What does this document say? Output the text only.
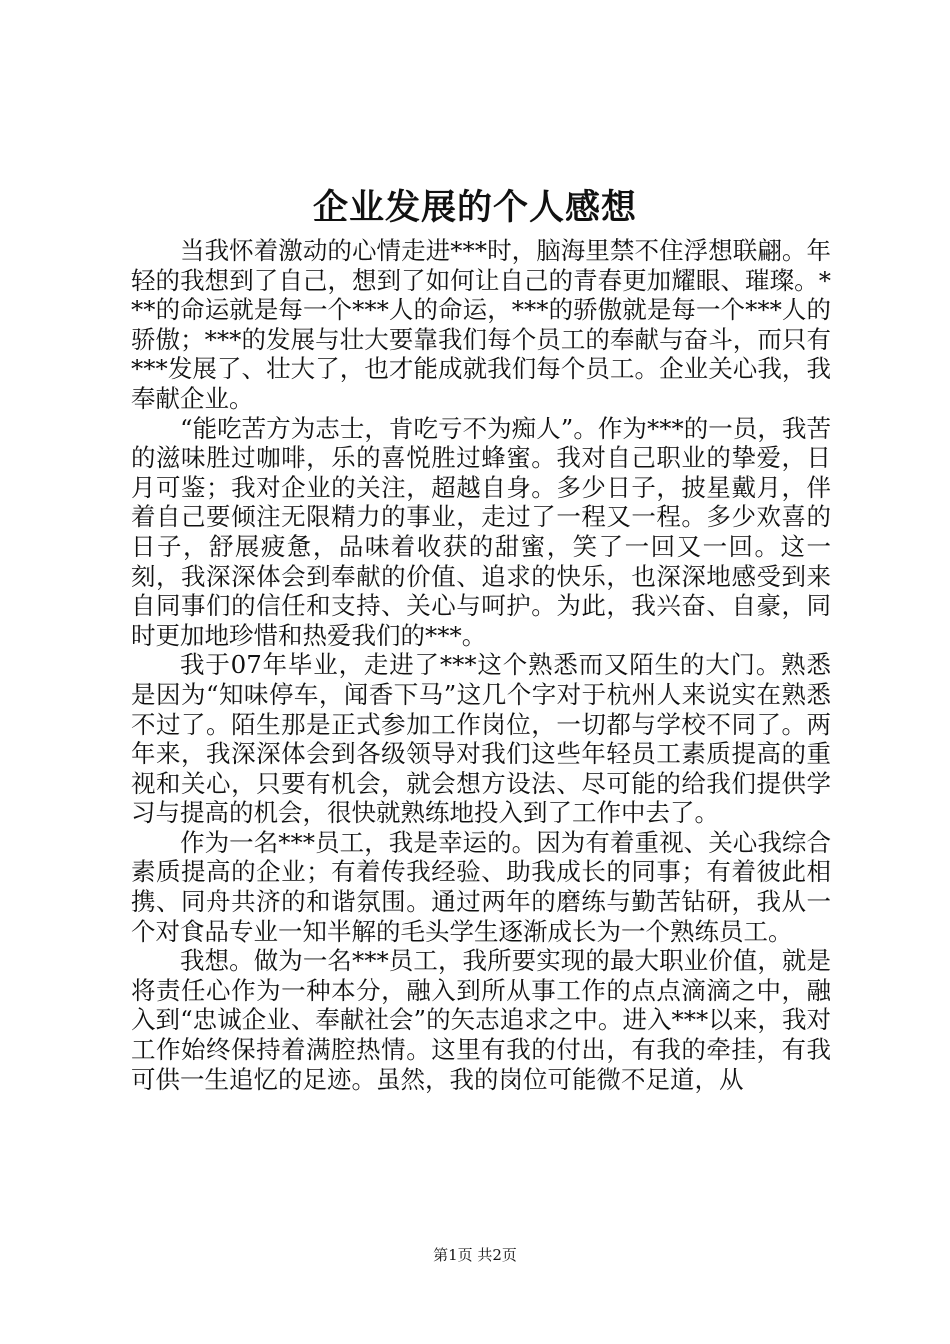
企业发展的个人感想

当我怀着激动的心情走进***时，脑海里禁不住浮想联翩。年轻的我想到了自己，想到了如何让自己的青春更加耀眼、璀璨。***的命运就是每一个***人的命运，***的骄傲就是每一个***人的骄傲；***的发展与壮大要靠我们每个员工的奉献与奋斗，而只有***发展了、壮大了，也才能成就我们每个员工。企业关心我，我奉献企业。

“能吃苦方为志士，肯吃亏不为痴人”。作为***的一员，我苦的滋味胜过咖啡，乐的喜悦胜过蜂蜜。我对自己职业的挚爱，日月可鉴；我对企业的关注，超越自身。多少日子，披星戴月，伴着自己要倾注无限精力的事业，走过了一程又一程。多少欢喜的日子，舒展疲惫，品味着收获的甜蜜，笑了一回又一回。这一刻，我深深体会到奉献的价值、追求的快乐，也深深地感受到来自同事们的信任和支持、关心与呵护。为此，我兴奋、自豪，同时更加地珍惜和热爱我们的***。

我于07年毕业，走进了***这个熟悉而又陌生的大门。熟悉是因为“知味停车，闻香下马”这几个字对于杭州人来说实在熟悉不过了。陌生那是正式参加工作岗位，一切都与学校不同了。两年来，我深深体会到各级领导对我们这些年轻员工素质提高的重视和关心，只要有机会，就会想方设法、尽可能的给我们提供学习与提高的机会，很快就熟练地投入到了工作中去了。

作为一名***员工，我是幸运的。因为有着重视、关心我综合素质提高的企业；有着传我经验、助我成长的同事；有着彼此相携、同舟共济的和谐氛围。通过两年的磨练与勤苦钻研，我从一个对食品专业一知半解的毛头学生逐渐成长为一个熟练员工。

我想。做为一名***员工，我所要实现的最大职业价值，就是将责任心作为一种本分，融入到所从事工作的点点滴滴之中，融入到“忠诚企业、奉献社会”的矢志追求之中。进入***以来，我对工作始终保持着满腔热情。这里有我的付出，有我的牵挂，有我可供一生追忆的足迹。虽然，我的岗位可能微不足道，从

第1页 共2页
